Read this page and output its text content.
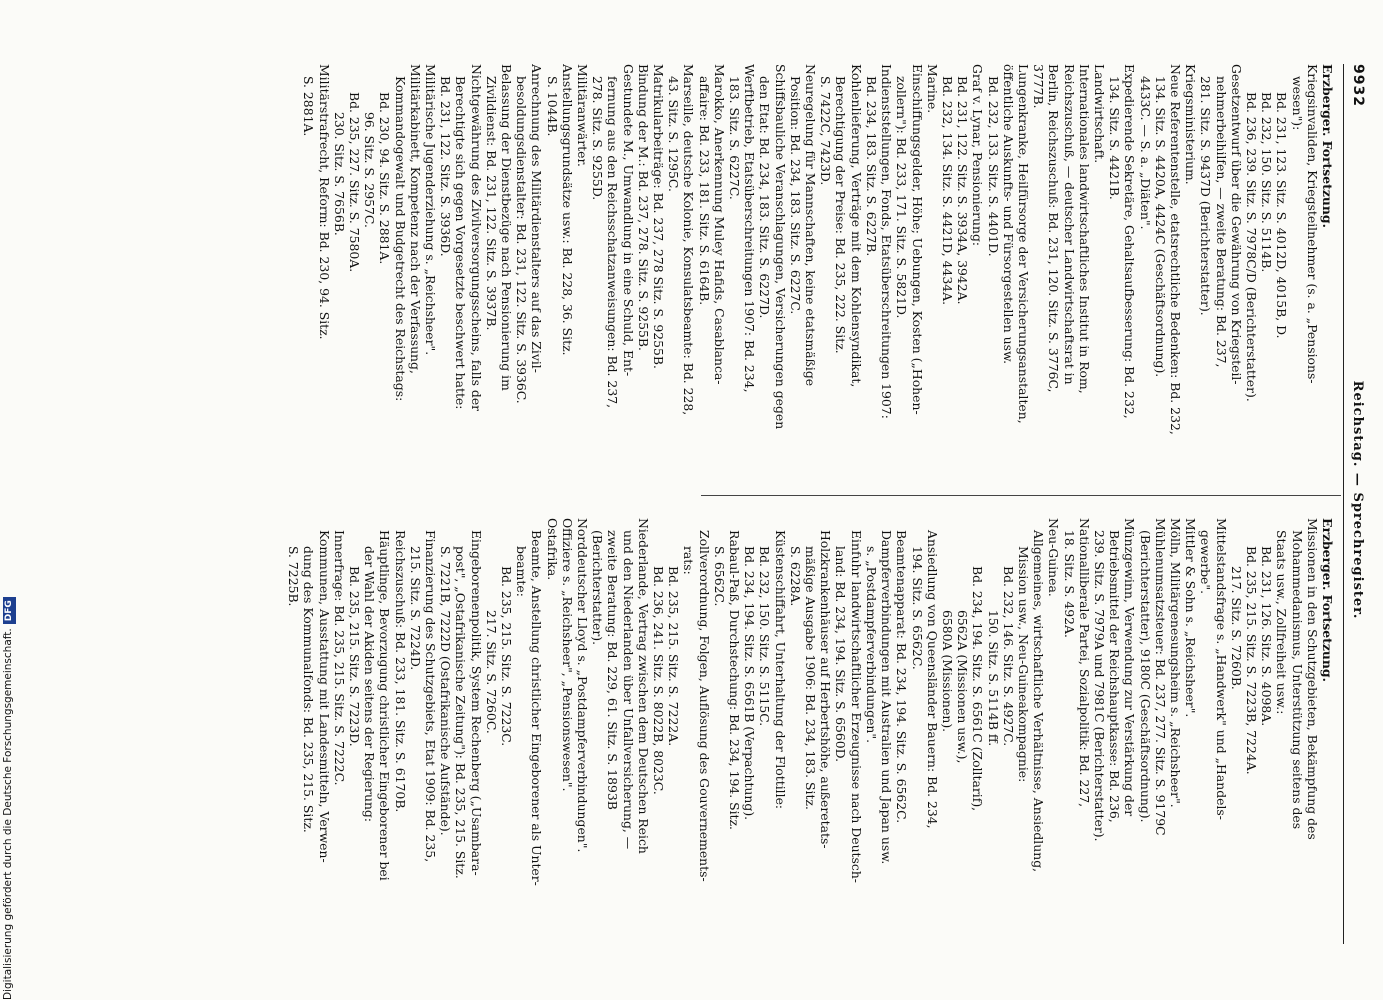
9932
Reichstag. — Sprechregister.
Erzberger. Fortsetzung.
Kriegsinvaliden, Kriegsteilnehmer (s. a. „Pensions-
wesen"):
Bd. 231, 123. Sitz. S. 4012D, 4015B, D.
Bd. 232, 150. Sitz. S. 5114B.
Bd. 236, 239. Sitz. S. 7978C/D (Berichterstatter).
Gesetzentwurf über die Gewährung von Kriegsteil-
nehmerbeihilfen, — zweite Beratung: Bd. 237,
281. Sitz. S. 9437D (Berichterstatter).
Kriegsministerium.
Neue Referentenstelle, etatsrechtliche Bedenken: Bd. 232,
134. Sitz. S. 4420A, 4424C (Geschäftsordnung).
4433C. — S. a. „Diäten".
Expedierende Sekretäre, Gehaltsaufbesserung: Bd. 232,
134. Sitz. S. 4421B.
Landwirtschaft.
Internationales landwirtschaftliches Institut in Rom,
Reichszuschuß, — deutscher Landwirtschaftsrat in
Berlin, Reichszuschuß: Bd. 231, 120. Sitz. S. 3776C,
3777B.
Lungenkranke, Heilfürsorge der Versicherungsanstalten,
öffentliche Auskunfts- und Fürsorgestellen usw.
Bd. 232, 133. Sitz. S. 4401D.
Graf v. Lynar, Pensionierung:
Bd. 231, 122. Sitz. S. 3934A, 3942A.
Bd. 232, 134. Sitz. S. 4421D, 4434A.
Marine.
Einschiffungsgelder, Höhe; Uebungen, Kosten („Hohen-
zollern"): Bd. 233, 171. Sitz. S. 5821D.
Indienststellungen, Fonds, Etatsüberschreitungen 1907:
Bd. 234, 183. Sitz. S. 6227B.
Kohlenlieferung, Verträge mit dem Kohlensyndikat,
Berechtigung der Preise: Bd. 235, 222. Sitz.
S. 7422C, 7423D.
Neuregelung für Mannschaften, keine etatsmäßige
Position: Bd. 234, 183. Sitz. S. 6227C.
Schiffsbauliche Veranschlagungen, Versicherungen gegen
den Etat: Bd. 234, 183. Sitz. S. 6227D.
Werftbetrieb, Etatsüberschreitungen 1907: Bd. 234,
183. Sitz. S. 6227C.
Marokko, Anerkennung Muley Hafids, Casablanca-
affaire: Bd. 233, 181. Sitz. S. 6164B.
Marseille, deutsche Kolonie, Konsulatsbeamte: Bd. 228,
43. Sitz. S. 1295C.
Matrikularbeiträge: Bd. 237, 278 Sitz. S. 9255B.
Bindung der M.: Bd. 237, 278. Sitz. S. 9255B.
Gestundete M., Umwandlung in eine Schuld, Ent-
fernung aus den Reichsschatzanweisungen: Bd. 237,
278. Sitz. S. 9255D.
Militäranwärter.
Anstellungsgrundsätze usw.: Bd. 228, 36. Sitz.
S. 1044B.
Anrechnung des Militärdienstalters auf das Zivil-
besoldungsdienstalter: Bd. 231, 122. Sitz. S. 3936C.
Belassung der Dienstbezüge nach Pensionierung im
Zivildienst: Bd. 231, 122. Sitz. S. 3937B.
Nichtgewährung des Zivilversorgungsscheins, falls der
Berechtigte sich gegen Vorgesetzte beschwert hatte:
Bd. 231, 122. Sitz. S. 3936D.
Militärische Jugenderziehung s. „Reichsheer".
Militärkabinett, Kompetenz nach der Verfassung,
Kommandogewalt und Budgetrecht des Reichstags:
Bd. 230, 94. Sitz. S. 2881A.
96. Sitz. S. 2957C.
Bd. 235, 227. Sitz. S. 7580A.
230. Sitz. S. 7656B.
Militärstrafrecht, Reform: Bd. 230, 94. Sitz.
S. 2881A.
Erzberger. Fortsetzung.
Missionen in den Schutzgebieten, Bekämpfung des
Mohammedanismus, Unterstützung seitens des
Staats usw., Zollfreiheit usw.:
Bd. 231, 126. Sitz. S. 4098A.
Bd. 235, 215. Sitz. S. 7223B, 7224A.
217. Sitz. S. 7260B.
Mittelstandsfrage s. „Handwerk" und „Handels-
gewerbe".
Mittler & Sohn s. „Reichsheer".
Mölln, Militärgenesungsheim s. „Reichsheer".
Mühlenumsatzsteuer: Bd. 237, 277. Sitz. S. 9179C
(Berichterstatter), 9180C (Geschäftsordnung).
Münzgewinn, Verwendung zur Verstärkung der
Betriebsmittel der Reichshauptkasse: Bd. 236,
239. Sitz. S. 7979A und 7981C (Berichterstatter).
Nationalliberale Partei, Sozialpolitik: Bd. 227,
18. Sitz. S. 492A.
Neu-Guinea.
Allgemeines, wirtschaftliche Verhältnisse, Ansiedlung,
Mission usw., Neu-Guineakompagnie:
Bd. 232, 146. Sitz. S. 4927C.
150. Sitz. S. 5114B ff.
Bd. 234, 194. Sitz. S. 6561C (Zolltarif),
6562A (Missionen usw.),
6580A (Missionen).
Ansiedlung von Queensländer Bauern: Bd. 234,
194. Sitz. S. 6562C.
Beamtenapparat: Bd. 234, 194. Sitz. S. 6562C.
Dampferverbindungen mit Australien und Japan usw.
s. „Postdampferverbindungen".
Einfuhr landwirtschaftlicher Erzeugnisse nach Deutsch-
land: Bd. 234, 194. Sitz. S. 6560D.
Holzkrankenhäuser auf Herbertshöhe, außeretats-
mäßige Ausgabe 1906: Bd. 234, 183. Sitz.
S. 6228A.
Küstenschiffahrt, Unterhaltung der Flottille:
Bd. 232, 150. Sitz. S. 5115C.
Bd. 234, 194. Sitz. S. 6561B (Verpachtung).
Rabaul-Paß, Durchstechung: Bd. 234, 194. Sitz.
S. 6562C.
Zollverordnung, Folgen, Auflösung des Gouvernements-
rats:
Bd. 235, 215. Sitz. S. 7222A.
Bd. 236, 241. Sitz. S. 8022B, 8023C.
Niederlande, Vertrag zwischen dem Deutschen Reich
und den Niederlanden über Unfallversicherung, —
zweite Beratung: Bd. 229, 61. Sitz. S. 1893B
(Berichterstatter).
Norddeutscher Lloyd s. „Postdampferverbindungen".
Offiziere s. „Reichsheer", „Pensionswesen".
Ostafrika.
Beamte, Anstellung christlicher Eingeborener als Unter-
beamte:
Bd. 235, 215. Sitz. S. 7223C.
217. Sitz. S. 7260C.
Eingeborenenpolitik, System Rechenberg („Usambara-
post", „Ostafrikanische Zeitung"): Bd. 235, 215. Sitz.
S. 7221B, 7222D (Ostafrikanische Aufstände).
Finanzierung des Schutzgebiets, Etat 1909: Bd. 235,
215. Sitz. S. 7224D.
Reichszuschuß: Bd. 233, 181. Sitz. S. 6170B.
Häuptlinge, Bevorzugung christlicher Eingeborener bei
der Wahl der Akiden seitens der Regierung:
Bd. 235, 215. Sitz. S. 7223D.
Innerfrage: Bd. 235, 215. Sitz. S. 7222C.
Kommunen, Ausstattung mit Landesmitteln, Verwen-
dung des Kommunalfonds: Bd. 235, 215. Sitz.
S. 7225B.
Digitalisierung gefördert durch die Deutsche Forschungsgemeinschaft.DFG
